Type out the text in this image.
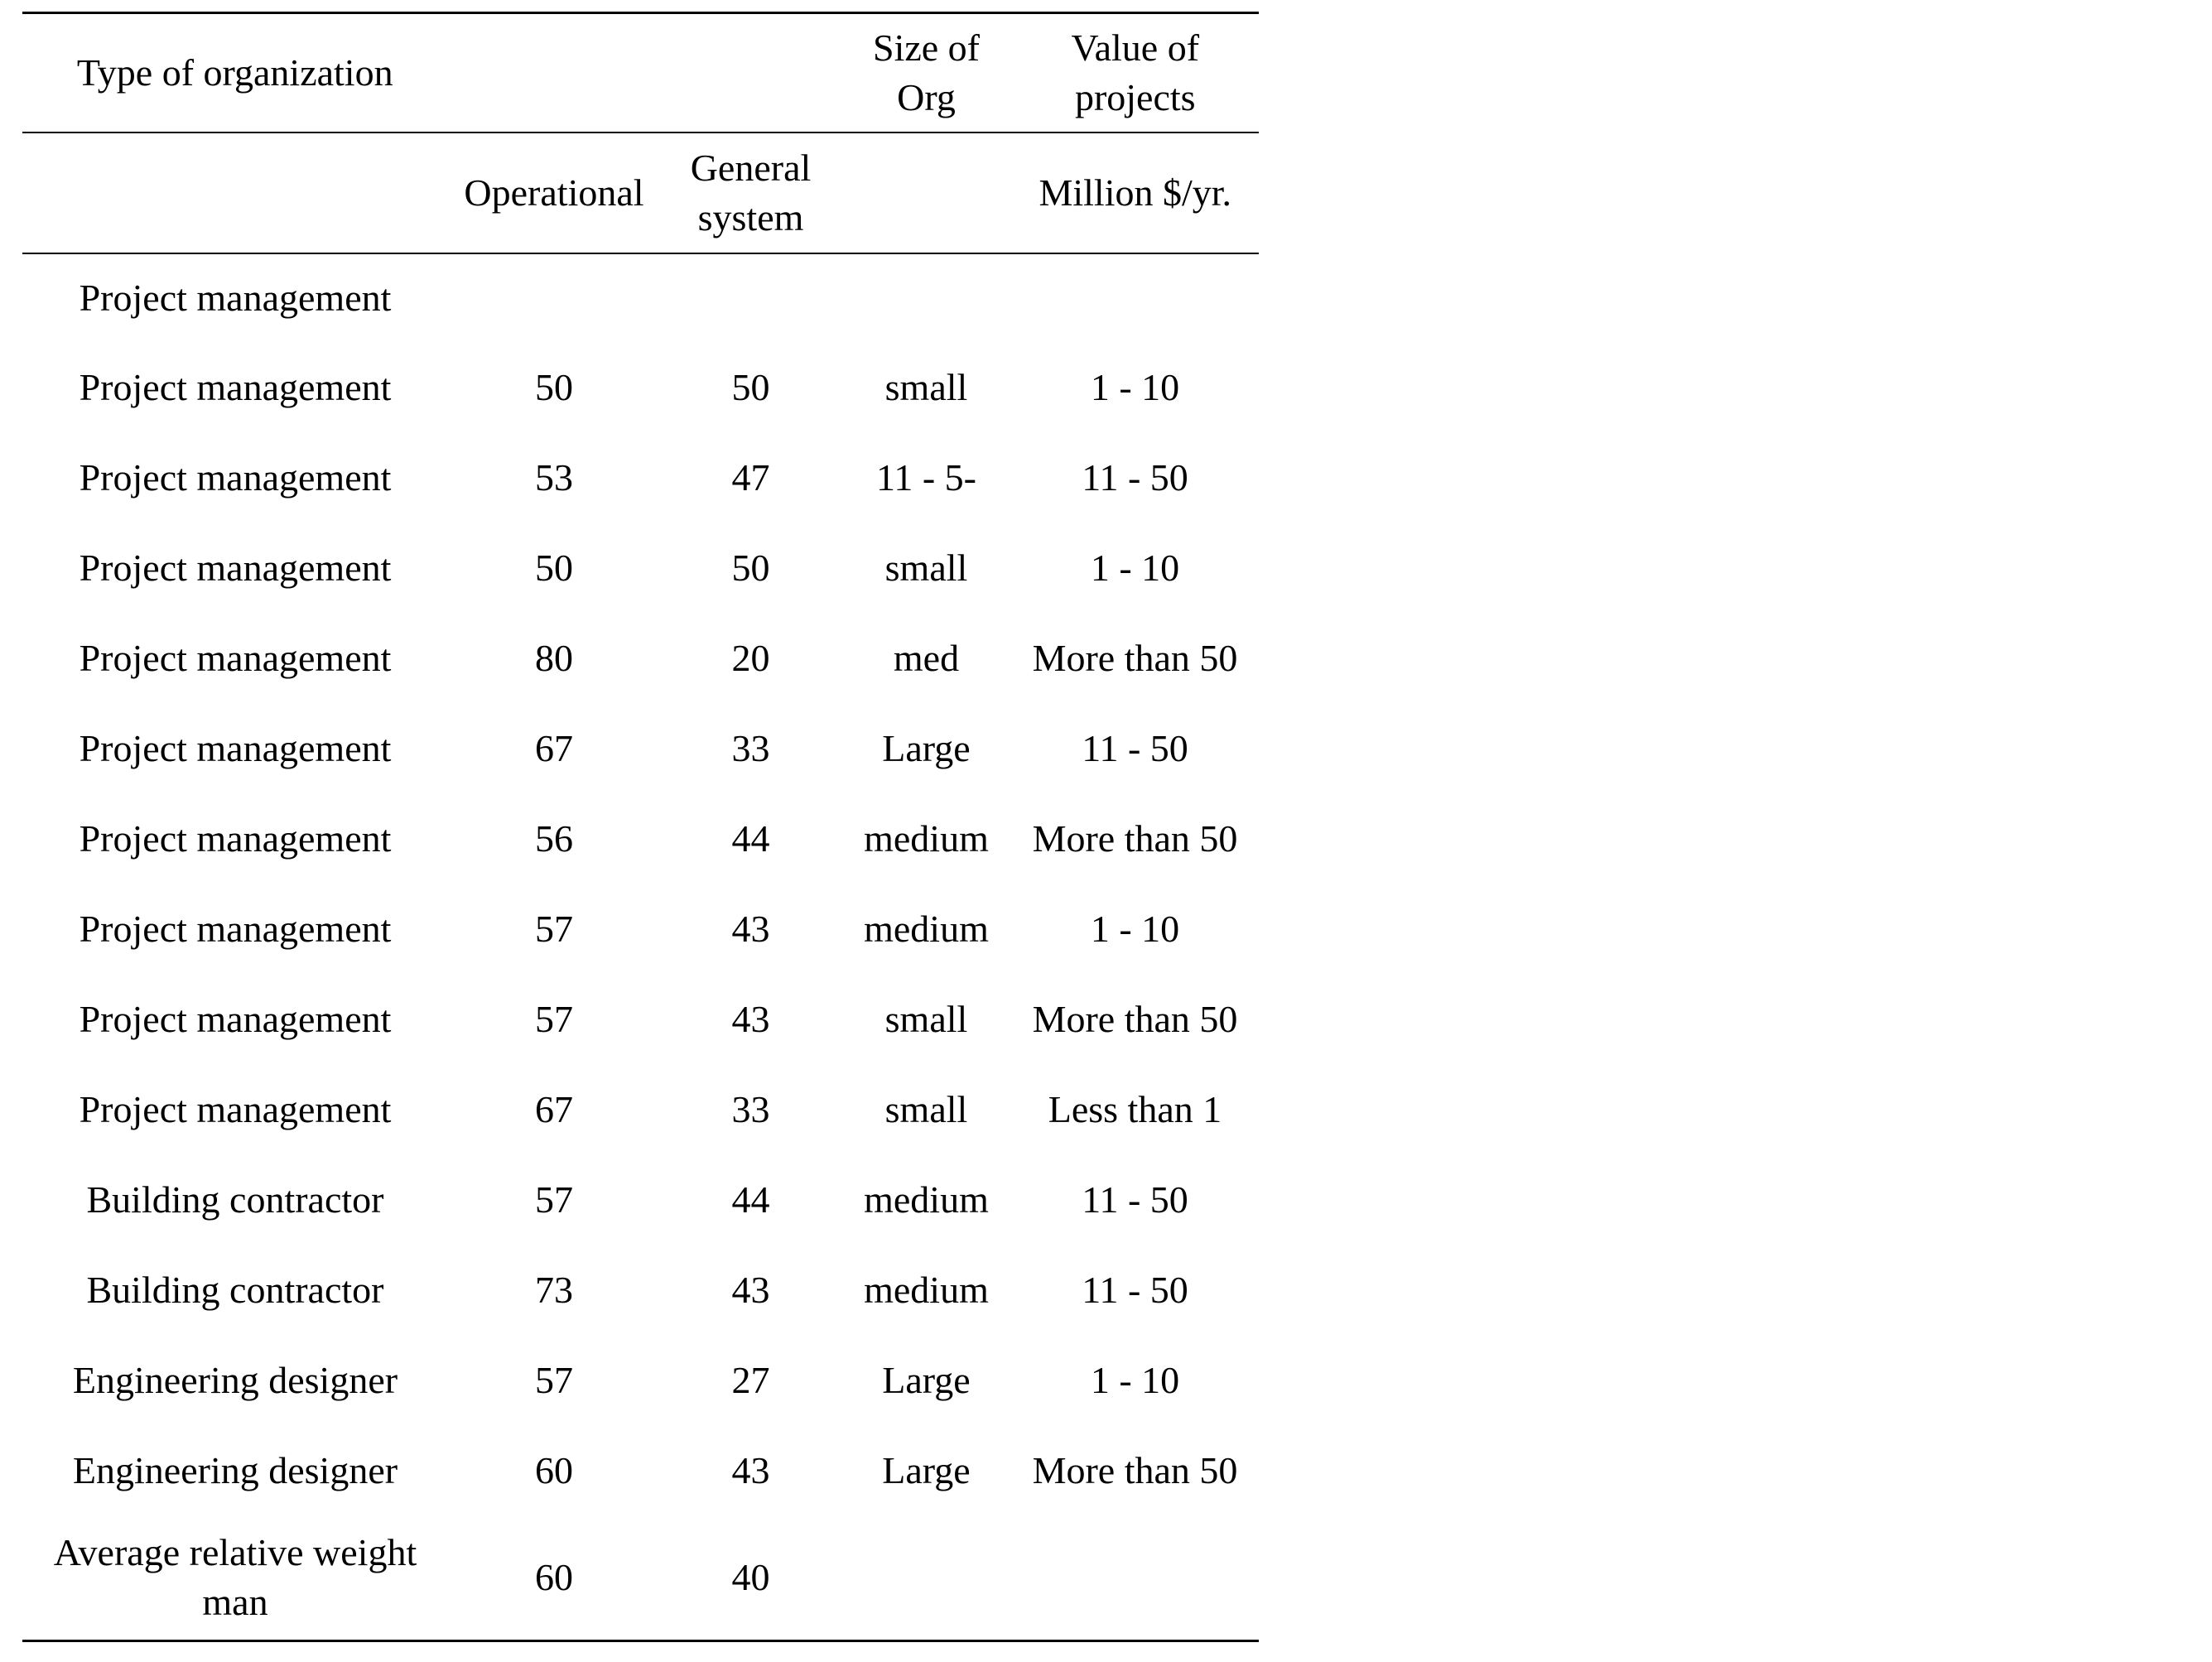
Type of organization			Size of Org	Value of projects
	Operational	General system		Million $/yr.
Project management				
Project management	50	50	small	1 - 10
Project management	53	47	11 - 5-	11 - 50
Project management	50	50	small	1 - 10
Project management	80	20	med	More than 50
Project management	67	33	Large	11 - 50
Project management	56	44	medium	More than 50
Project management	57	43	medium	1 - 10
Project management	57	43	small	More than 50
Project management	67	33	small	Less than 1
Building contractor	57	44	medium	11 - 50
Building contractor	73	43	medium	11 - 50
Engineering designer	57	27	Large	1 - 10
Engineering designer	60	43	Large	More than 50
Average relative weight man	60	40		
